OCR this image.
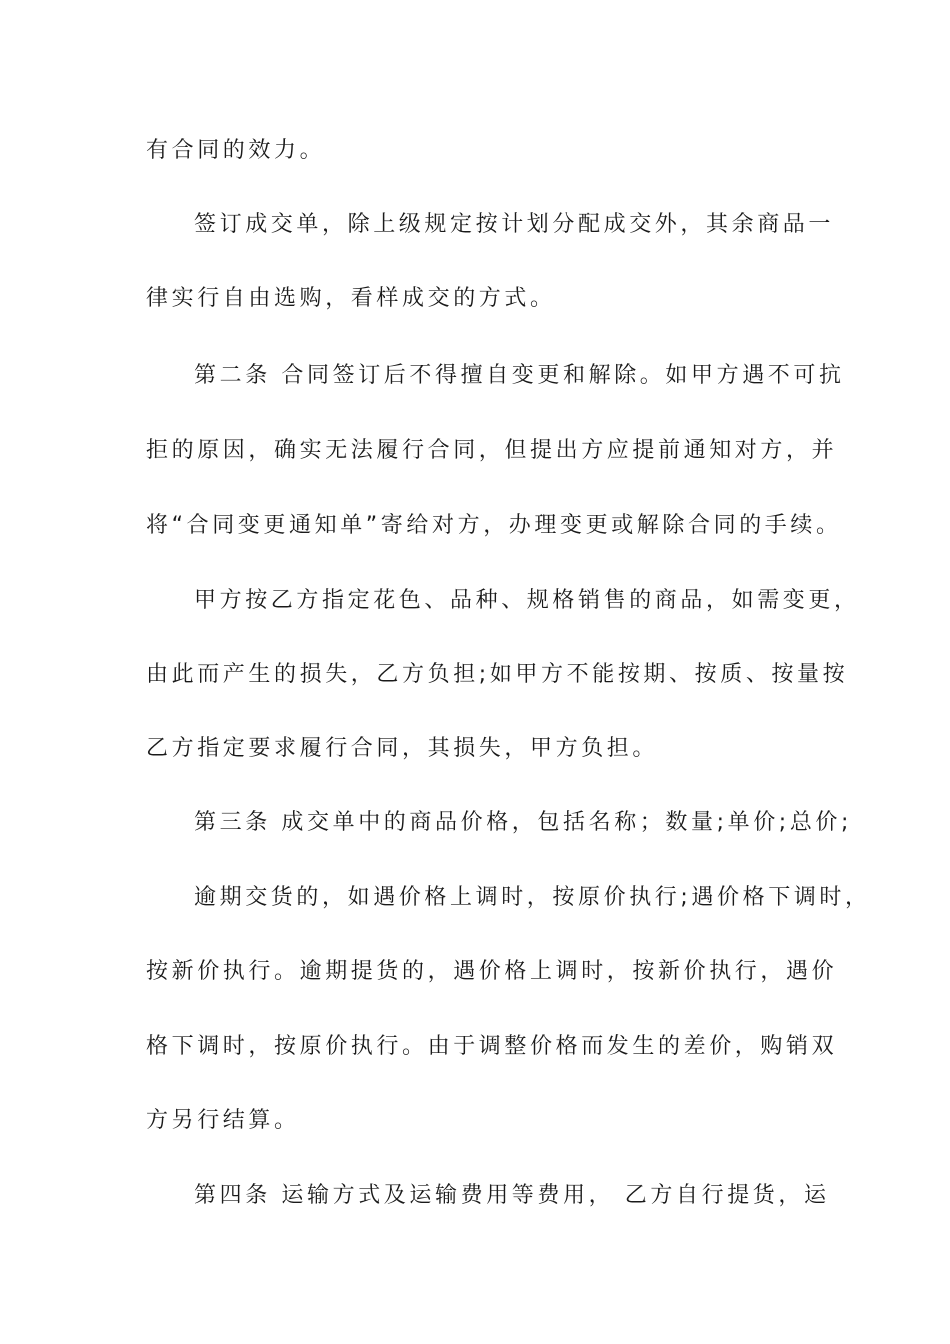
有合同的效力。
签订成交单，除上级规定按计划分配成交外，其余商品一
律实行自由选购，看样成交的方式。
第二条 合同签订后不得擅自变更和解除。如甲方遇不可抗
拒的原因，确实无法履行合同，但提出方应提前通知对方，并
将“合同变更通知单”寄给对方，办理变更或解除合同的手续。
甲方按乙方指定花色、品种、规格销售的商品，如需变更，
由此而产生的损失，乙方负担;如甲方不能按期、按质、按量按
乙方指定要求履行合同，其损失，甲方负担。
第三条 成交单中的商品价格，包括名称；数量;单价;总价;
逾期交货的，如遇价格上调时，按原价执行;遇价格下调时，
按新价执行。逾期提货的，遇价格上调时，按新价执行，遇价
格下调时，按原价执行。由于调整价格而发生的差价，购销双
方另行结算。
第四条 运输方式及运输费用等费用， 乙方自行提货，运
